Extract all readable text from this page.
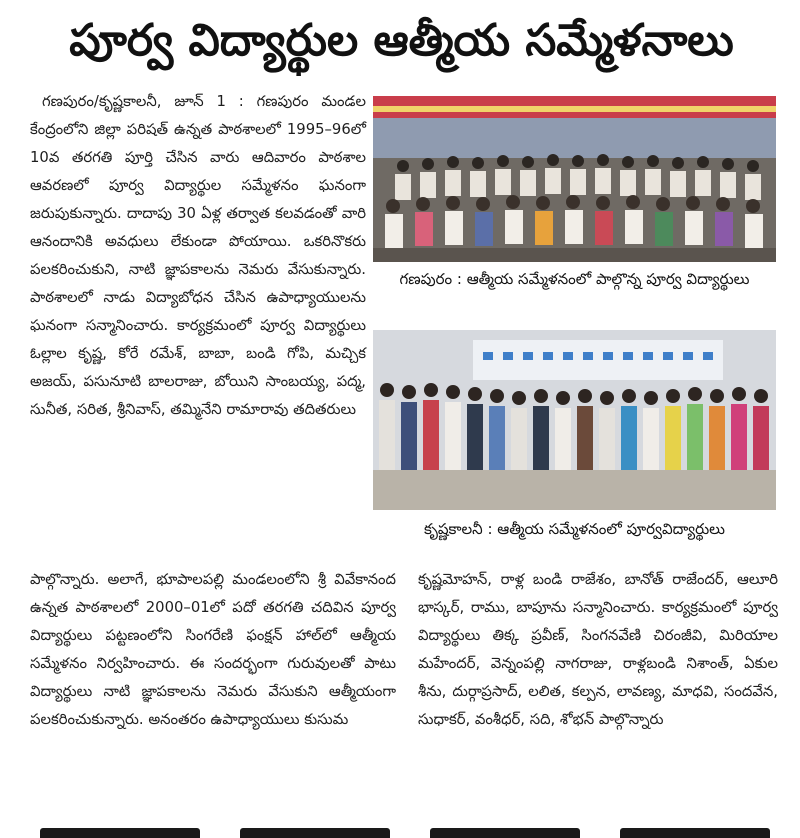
పూర్వ విద్యార్థుల ఆత్మీయ సమ్మేళనాలు

గణపురం/కృష్ణకాలనీ, జూన్ 1 : గణపురం మండల కేంద్రంలోని జిల్లా పరిషత్ ఉన్నత పాఠశాలలో 1995–96లో 10వ తరగతి పూర్తి చేసిన వారు ఆదివారం పాఠశాల ఆవరణలో పూర్వ విద్యార్థుల సమ్మేళనం ఘనంగా జరుపుకున్నారు. దాదాపు 30 ఏళ్ల తర్వాత కలవడంతో వారి ఆనందానికి అవధులు లేకుండా పోయాయి. ఒకరినొకరు పలకరించుకుని, నాటి జ్ఞాపకాలను నెమరు వేసుకున్నారు. పాఠశాలలో నాడు విద్యాబోధన చేసిన ఉపాధ్యాయులను ఘనంగా సన్మానించారు. కార్యక్రమంలో పూర్వ విద్యార్థులు ఓల్లాల కృష్ణ, కోరే రమేశ్, బాబా, బండి గోపి, మచ్చిక అజయ్, పసునూటి బాలరాజు, బోయిని సాంబయ్య, పద్మ, సునీత, సరిత, శ్రీనివాస్, తమ్మినేని రామారావు తదితరులు

గణపురం : ఆత్మీయ సమ్మేళనంలో పాల్గొన్న పూర్వ విద్యార్థులు
కృష్ణకాలనీ : ఆత్మీయ సమ్మేళనంలో పూర్వవిద్యార్థులు

పాల్గొన్నారు. అలాగే, భూపాలపల్లి మండలంలోని శ్రీ వివేకానంద ఉన్నత పాఠశాలలో 2000–01లో పదో తరగతి చదివిన పూర్వ విద్యార్థులు పట్టణంలోని సింగరేణి ఫంక్షన్ హాల్‌లో ఆత్మీయ సమ్మేళనం నిర్వహించారు. ఈ సందర్భంగా గురువులతో పాటు విద్యార్థులు నాటి జ్ఞాపకాలను నెమరు వేసుకుని ఆత్మీయంగా పలకరించుకున్నారు. అనంతరం ఉపాధ్యాయులు కుసుమ

కృష్ణమోహన్, రాళ్ల బండి రాజేశం, బానోత్ రాజేందర్, ఆలూరి భాస్కర్, రాము, బాపూను సన్మానించారు. కార్యక్రమంలో పూర్వ విద్యార్థులు తిక్క ప్రవీణ్, సింగనవేణి చిరంజీవి, మిరియాల మహేందర్, వెన్నంపల్లి నాగరాజు, రాళ్లబండి నిశాంత్, ఏకుల శీను, దుర్గాప్రసాద్, లలిత, కల్పన, లావణ్య, మాధవి, సందవేన, సుధాకర్, వంశీధర్, సది, శోభన్ పాల్గొన్నారు
